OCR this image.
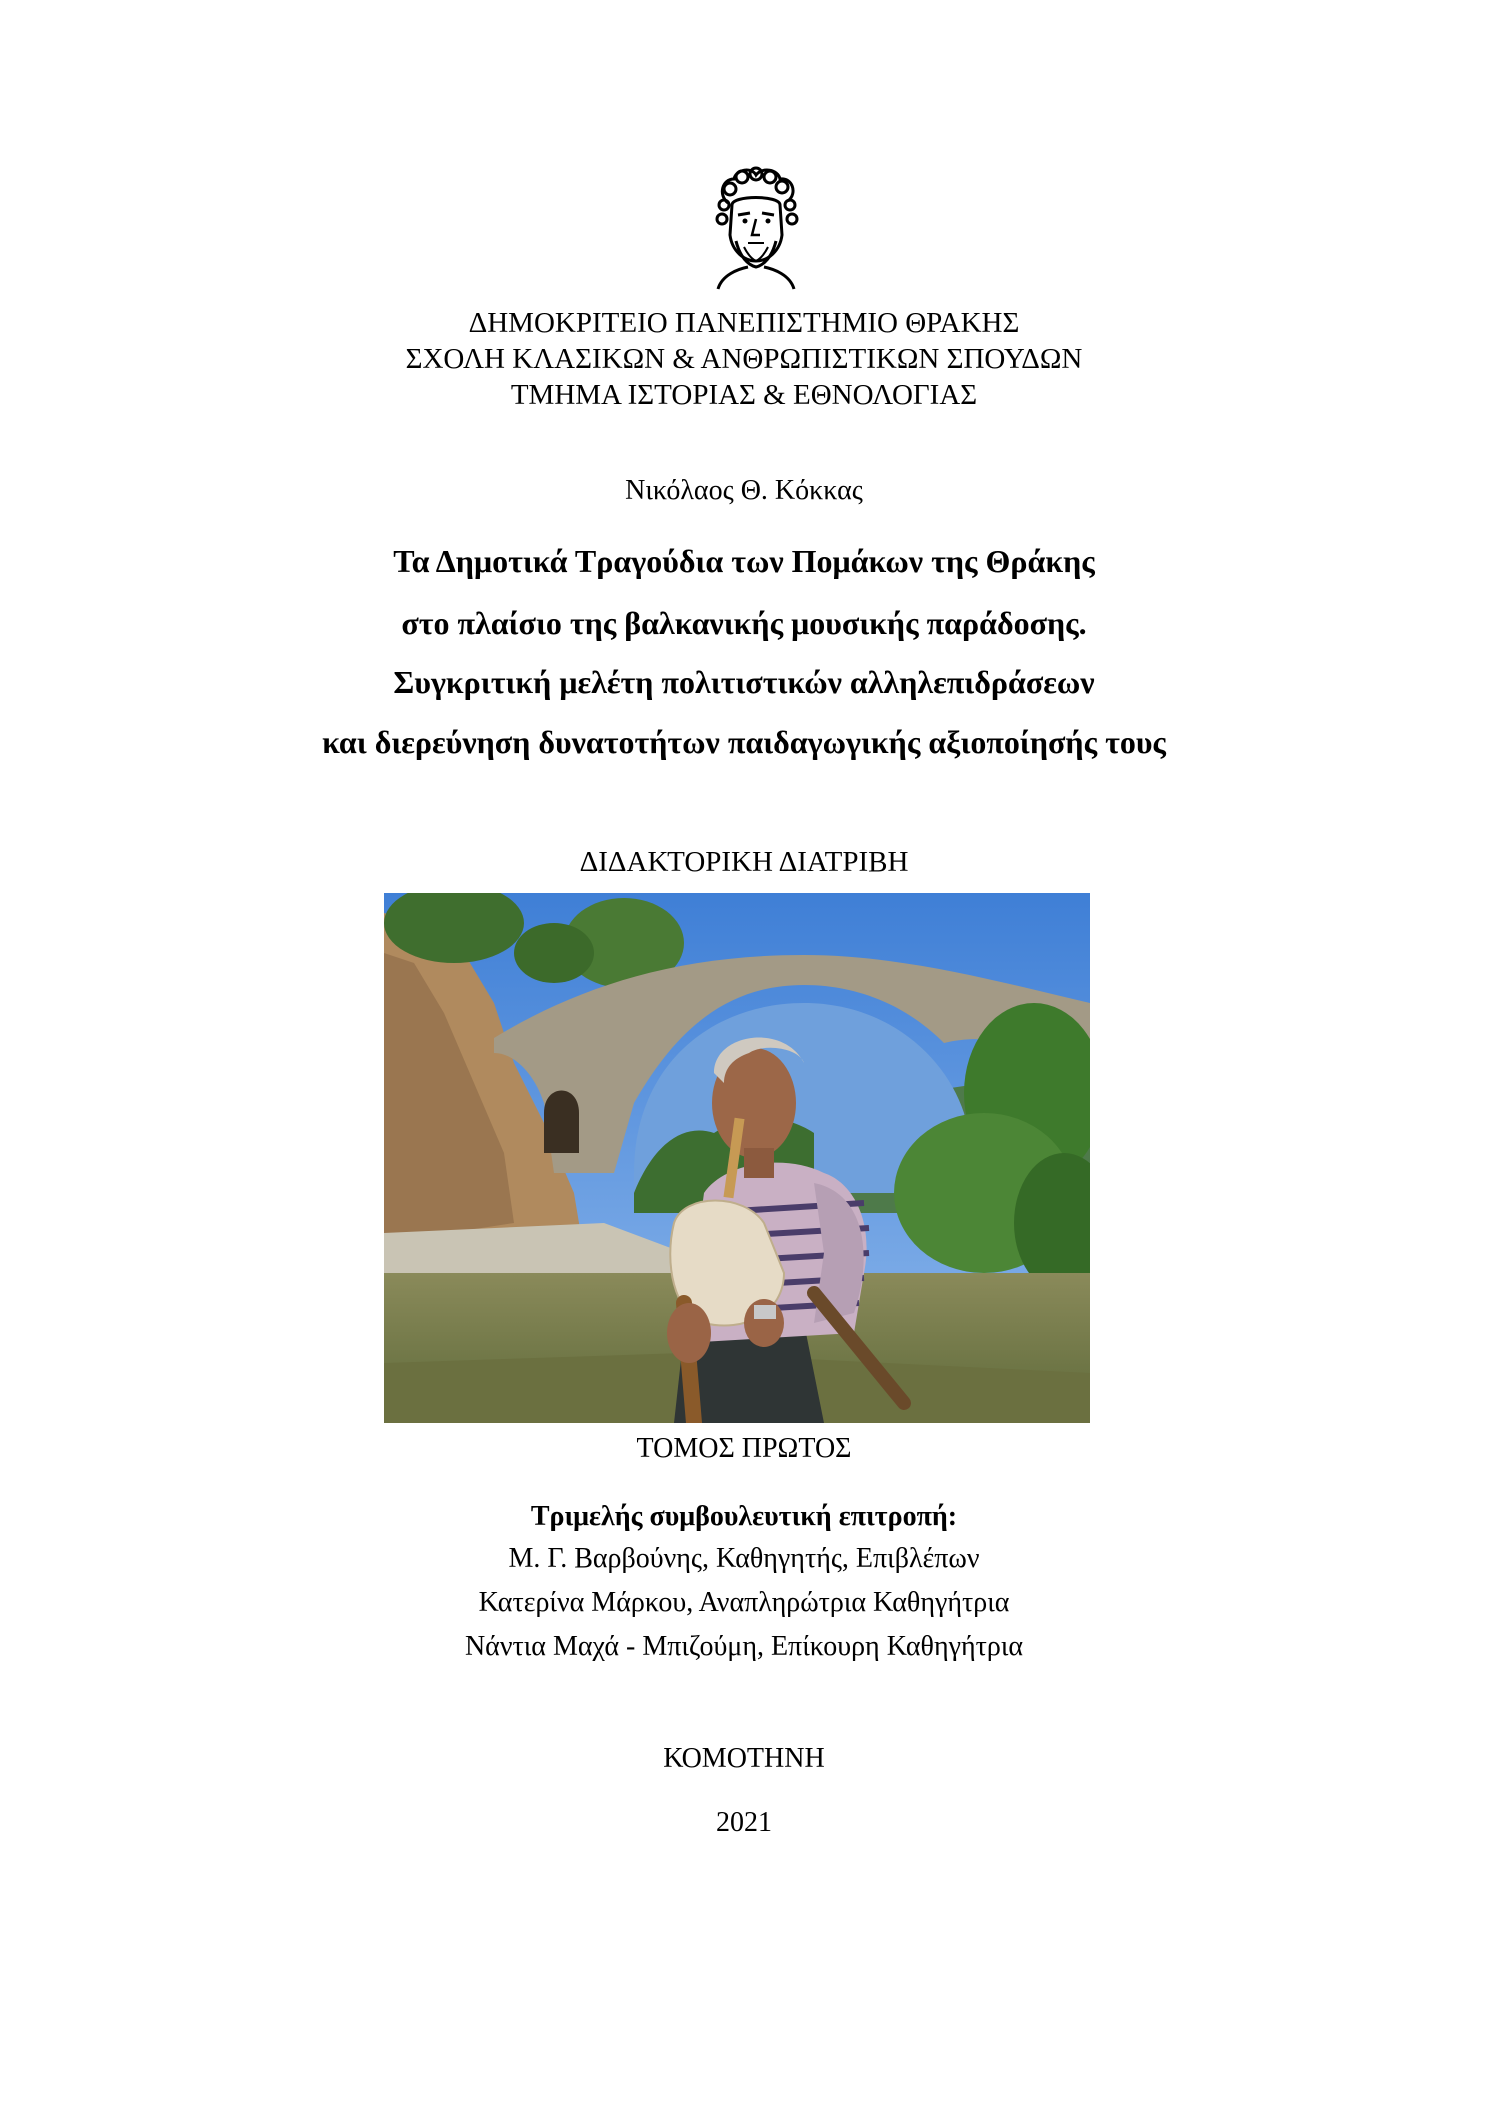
ΔΗΜΟΚΡΙΤΕΙΟ ΠΑΝΕΠΙΣΤΗΜΙΟ ΘΡΑΚΗΣ
ΣΧΟΛΗ ΚΛΑΣΙΚΩΝ & ΑΝΘΡΩΠΙΣΤΙΚΩΝ ΣΠΟΥΔΩΝ
ΤΜΗΜΑ ΙΣΤΟΡΙΑΣ & ΕΘΝΟΛΟΓΙΑΣ
Νικόλαος Θ. Κόκκας
Τα Δημοτικά Τραγούδια των Πομάκων της Θράκης
στο πλαίσιο της βαλκανικής μουσικής παράδοσης.
Συγκριτική μελέτη πολιτιστικών αλληλεπιδράσεων
και διερεύνηση δυνατοτήτων παιδαγωγικής αξιοποίησής τους
ΔΙΔΑΚΤΟΡΙΚΗ ΔΙΑΤΡΙΒΗ
ΤΟΜΟΣ ΠΡΩΤΟΣ
Τριμελής συμβουλευτική επιτροπή:
Μ. Γ. Βαρβούνης, Καθηγητής, Επιβλέπων
Κατερίνα Μάρκου, Αναπληρώτρια Καθηγήτρια
Νάντια Μαχά - Μπιζούμη, Επίκουρη Καθηγήτρια
ΚΟΜΟΤΗΝΗ
2021
